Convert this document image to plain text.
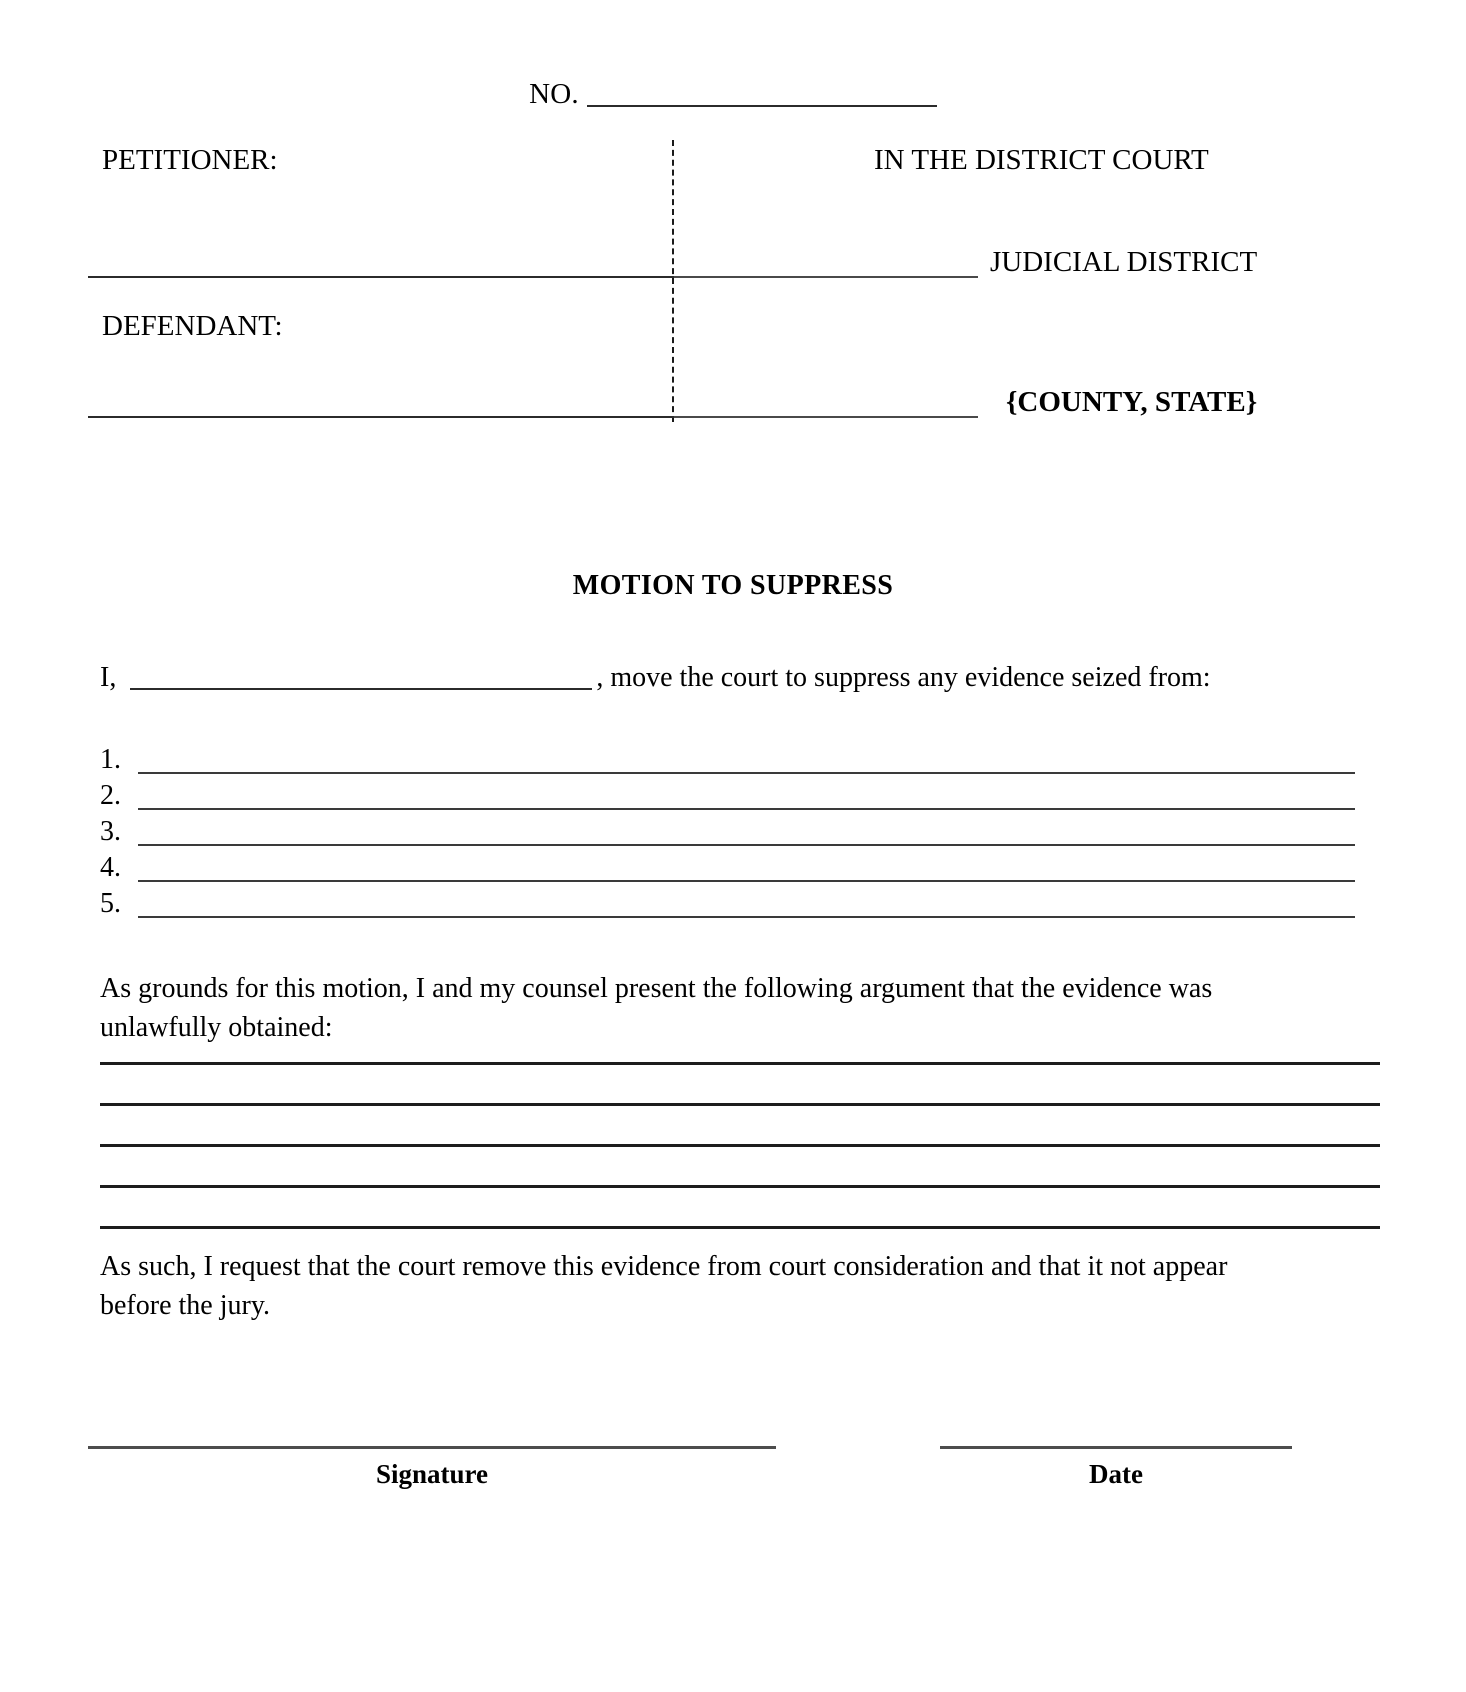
NO.
PETITIONER:
DEFENDANT:
IN THE DISTRICT COURT
JUDICIAL DISTRICT
{COUNTY, STATE}
MOTION TO SUPPRESS
I,	, move the court to suppress any evidence seized from:
1.
2.
3.
4.
5.
As grounds for this motion, I and my counsel present the following argument that the evidence was unlawfully obtained:
As such, I request that the court remove this evidence from court consideration and that it not appear before the jury.
Signature	Date
